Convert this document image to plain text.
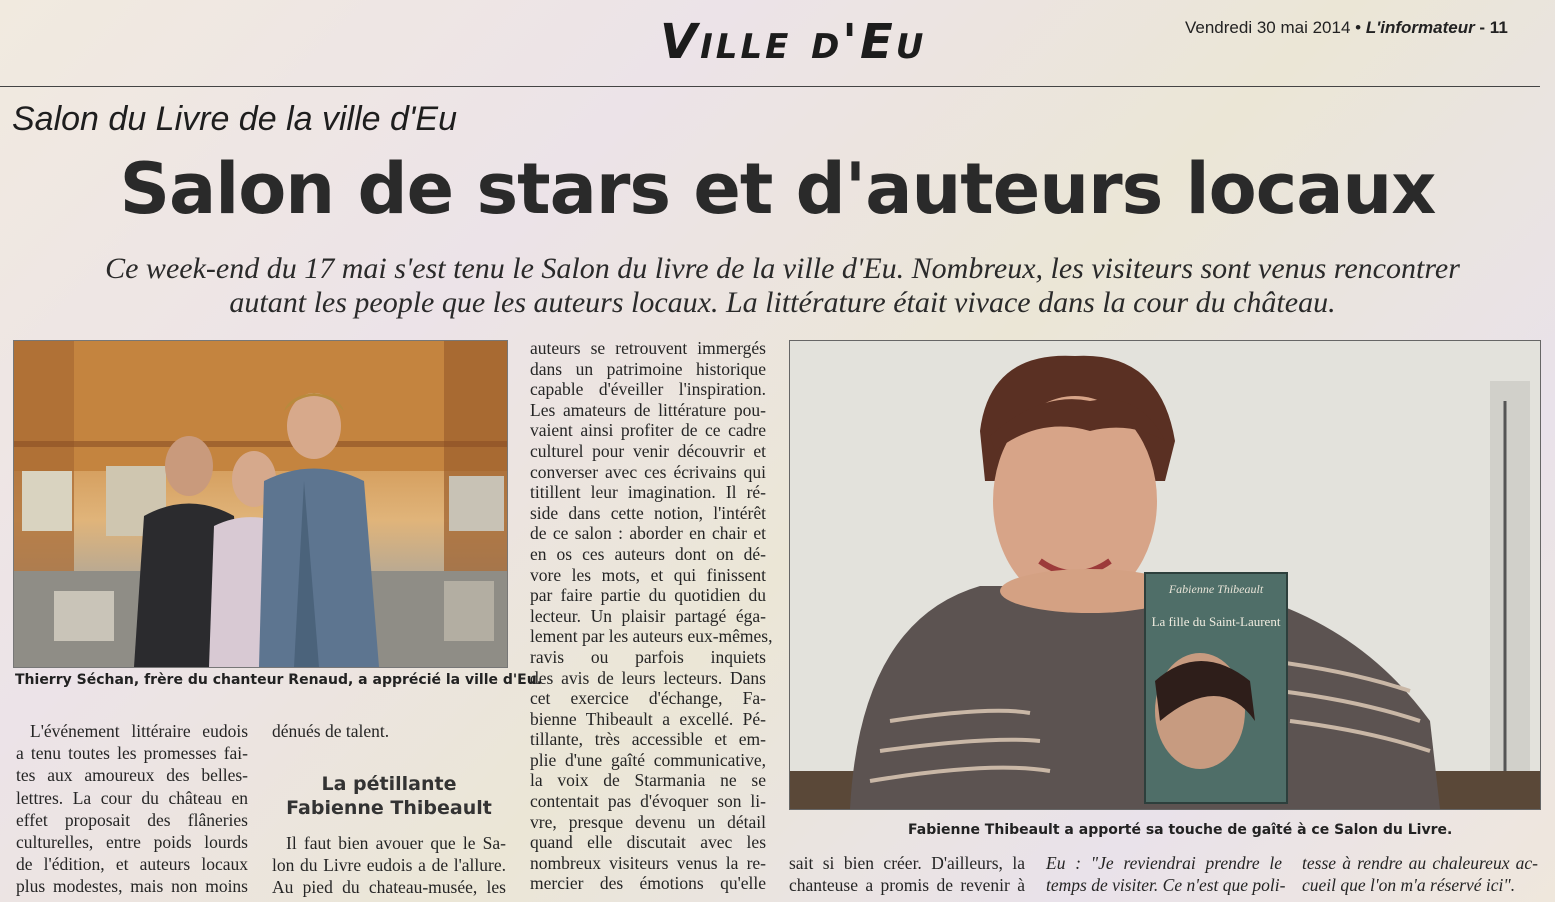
Ville d'Eu	Vendredi 30 mai 2014 • L'informateur - 11
Salon du Livre de la ville d'Eu
Salon de stars et d'auteurs locaux
Ce week-end du 17 mai s'est tenu le Salon du livre de la ville d'Eu. Nombreux, les visiteurs sont venus rencontrer
autant les people que les auteurs locaux. La littérature était vivace dans la cour du château.
Thierry Séchan, frère du chanteur Renaud, a apprécié la ville d'Eu.
Fabienne Thibeault
La fille du Saint-Laurent
Fabienne Thibeault a apporté sa touche de gaîté à ce Salon du Livre.
L'événement littéraire eudois
a tenu toutes les promesses fai-
tes aux amoureux des belles-
lettres. La cour du château en
effet proposait des flâneries
culturelles, entre poids lourds
de l'édition, et auteurs locaux
plus modestes, mais non moins
dénués de talent.
La pétillante Fabienne Thibeault
Il faut bien avouer que le Sa-
lon du Livre eudois a de l'allure.
Au pied du chateau-musée, les
auteurs se retrouvent immergés
dans un patrimoine historique
capable d'éveiller l'inspiration.
Les amateurs de littérature pou-
vaient ainsi profiter de ce cadre
culturel pour venir découvrir et
converser avec ces écrivains qui
titillent leur imagination. Il ré-
side dans cette notion, l'intérêt
de ce salon : aborder en chair et
en os ces auteurs dont on dé-
vore les mots, et qui finissent
par faire partie du quotidien du
lecteur. Un plaisir partagé éga-
lement par les auteurs eux-mêmes,
ravis ou parfois inquiets
des avis de leurs lecteurs. Dans
cet exercice d'échange, Fa-
bienne Thibeault a excellé. Pé-
tillante, très accessible et em-
plie d'une gaîté communicative,
la voix de Starmania ne se
contentait pas d'évoquer son li-
vre, presque devenu un détail
quand elle discutait avec les
nombreux visiteurs venus la re-
mercier des émotions qu'elle
sait si bien créer. D'ailleurs, la
chanteuse a promis de revenir à
Eu : "Je reviendrai prendre le
temps de visiter. Ce n'est que poli-
tesse à rendre au chaleureux ac-
cueil que l'on m'a réservé ici".
